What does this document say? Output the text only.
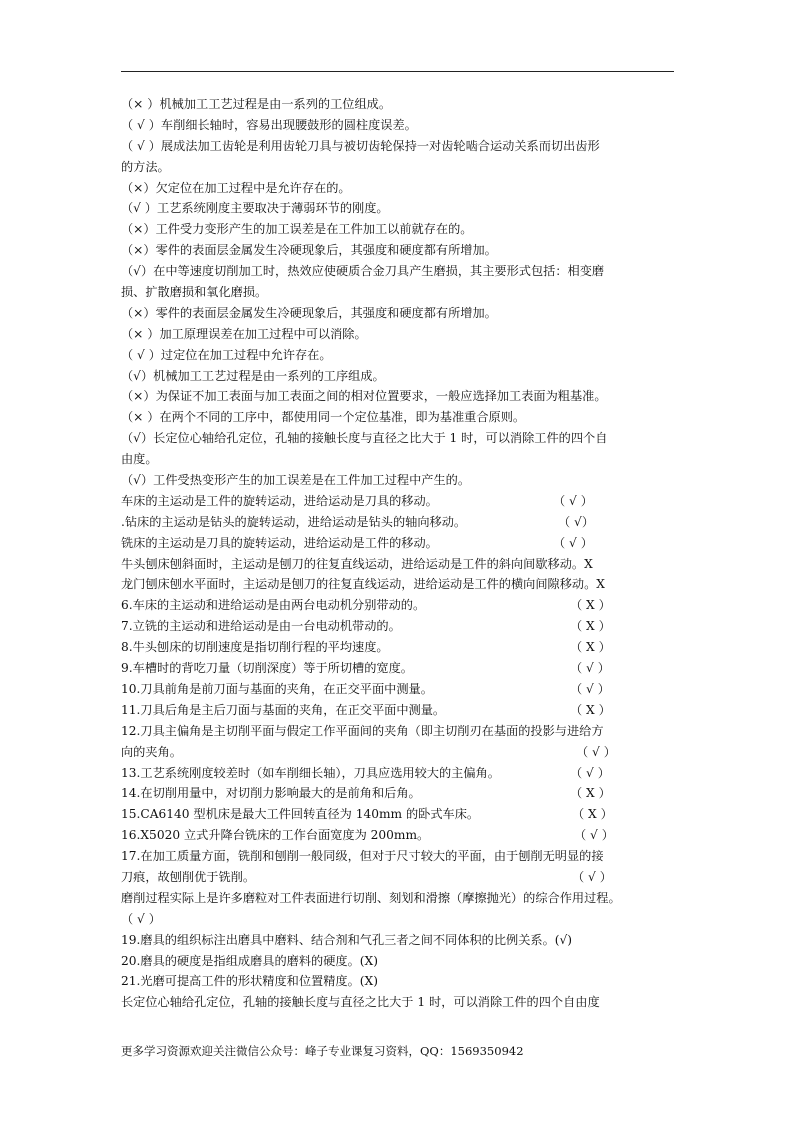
（× ）机械加工工艺过程是由一系列的工位组成。
（ √ ）车削细长轴时，容易出现腰鼓形的圆柱度误差。
（ √ ）展成法加工齿轮是利用齿轮刀具与被切齿轮保持一对齿轮啮合运动关系而切出齿形
的方法。
（×）欠定位在加工过程中是允许存在的。
（√ ）工艺系统刚度主要取决于薄弱环节的刚度。
（×）工件受力变形产生的加工误差是在工件加工以前就存在的。
（×）零件的表面层金属发生冷硬现象后，其强度和硬度都有所增加。
（√）在中等速度切削加工时，热效应使硬质合金刀具产生磨损，其主要形式包括：相变磨
损、扩散磨损和氧化磨损。
（×）零件的表面层金属发生冷硬现象后，其强度和硬度都有所增加。
（× ）加工原理误差在加工过程中可以消除。
（ √ ）过定位在加工过程中允许存在。
（√）机械加工工艺过程是由一系列的工序组成。
（×）为保证不加工表面与加工表面之间的相对位置要求，一般应选择加工表面为粗基准。
（× ）在两个不同的工序中，都使用同一个定位基准，即为基准重合原则。
（√）长定位心轴给孔定位，孔轴的接触长度与直径之比大于 1 时，可以消除工件的四个自
由度。
（√）工件受热变形产生的加工误差是在工件加工过程中产生的。
车床的主运动是工件的旋转运动，进给运动是刀具的移动。	（ √ ）
.钻床的主运动是钻头的旋转运动，进给运动是钻头的轴向移动。	（ √）
铣床的主运动是刀具的旋转运动，进给运动是工件的移动。	（ √ ）
牛头刨床刨斜面时，主运动是刨刀的往复直线运动，进给运动是工件的斜向间歇移动。X
龙门刨床刨水平面时，主运动是刨刀的往复直线运动，进给运动是工件的横向间隙移动。X
6.车床的主运动和进给运动是由两台电动机分别带动的。	（ X ）
7.立铣的主运动和进给运动是由一台电动机带动的。	（ X ）
8.牛头刨床的切削速度是指切削行程的平均速度。	（ X ）
9.车槽时的背吃刀量（切削深度）等于所切槽的宽度。	（ √ ）
10.刀具前角是前刀面与基面的夹角，在正交平面中测量。	（ √ ）
11.刀具后角是主后刀面与基面的夹角，在正交平面中测量。	（ X ）
12.刀具主偏角是主切削平面与假定工作平面间的夹角（即主切削刃在基面的投影与进给方
向的夹角。	（ √ ）
13.工艺系统刚度较差时（如车削细长轴），刀具应选用较大的主偏角。	（ √ ）
14.在切削用量中，对切削力影响最大的是前角和后角。	（ X ）
15.CA6140 型机床是最大工件回转直径为 140mm 的卧式车床。	（ X ）
16.X5020 立式升降台铣床的工作台面宽度为 200mm。	（ √ ）
17.在加工质量方面，铣削和刨削一般同级，但对于尺寸较大的平面，由于刨削无明显的接
刀痕，故刨削优于铣削。	（ √ ）
磨削过程实际上是许多磨粒对工件表面进行切削、刻划和滑擦（摩擦抛光）的综合作用过程。
（ √ ）
19.磨具的组织标注出磨具中磨料、结合剂和气孔三者之间不同体积的比例关系。(√)
20.磨具的硬度是指组成磨具的磨料的硬度。(X)
21.光磨可提高工件的形状精度和位置精度。(X)
长定位心轴给孔定位，孔轴的接触长度与直径之比大于 1 时，可以消除工件的四个自由度
更多学习资源欢迎关注微信公众号：峰子专业课复习资料，QQ：1569350942
